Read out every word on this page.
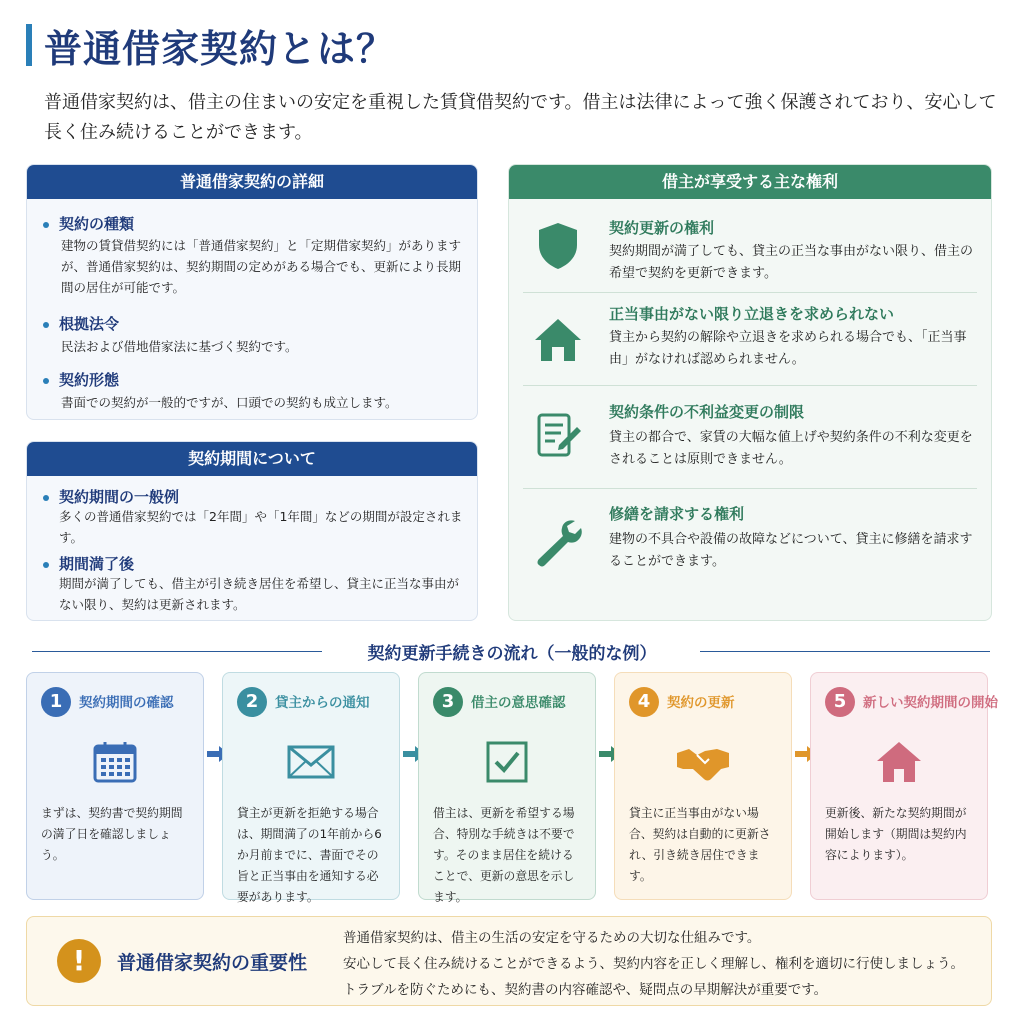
普通借家契約とは？
普通借家契約は、借主の住まいの安定を重視した賃貸借契約です。借主は法律によって強く保護されており、安心して長く住み続けることができます。
普通借家契約の詳細
契約の種類
建物の賃貸借契約には「普通借家契約」と「定期借家契約」がありますが、普通借家契約は、契約期間の定めがある場合でも、更新により長期間の居住が可能です。
根拠法令
民法および借地借家法に基づく契約です。
契約形態
書面での契約が一般的ですが、口頭での契約も成立します。
契約期間について
契約期間の一般例
多くの普通借家契約では「2年間」や「1年間」などの期間が設定されます。
期間満了後
期間が満了しても、借主が引き続き居住を希望し、貸主に正当な事由がない限り、契約は更新されます。
借主が享受する主な権利
契約更新の権利
契約期間が満了しても、貸主の正当な事由がない限り、借主の希望で契約を更新できます。
正当事由がない限り立退きを求められない
貸主から契約の解除や立退きを求められる場合でも、「正当事由」がなければ認められません。
契約条件の不利益変更の制限
貸主の都合で、家賃の大幅な値上げや契約条件の不利な変更をされることは原則できません。
修繕を請求する権利
建物の不具合や設備の故障などについて、貸主に修繕を請求することができます。
契約更新手続きの流れ（一般的な例）
1	契約期間の確認
まずは、契約書で契約期間の満了日を確認しましょう。
2	貸主からの通知
貸主が更新を拒絶する場合は、期間満了の1年前から6か月前までに、書面でその旨と正当事由を通知する必要があります。
3	借主の意思確認
借主は、更新を希望する場合、特別な手続きは不要です。そのまま居住を続けることで、更新の意思を示します。
4	契約の更新
貸主に正当事由がない場合、契約は自動的に更新され、引き続き居住できます。
5	新しい契約期間の開始
更新後、新たな契約期間が開始します（期間は契約内容によります）。
!	普通借家契約の重要性
普通借家契約は、借主の生活の安定を守るための大切な仕組みです。
安心して長く住み続けることができるよう、契約内容を正しく理解し、権利を適切に行使しましょう。
トラブルを防ぐためにも、契約書の内容確認や、疑問点の早期解決が重要です。
